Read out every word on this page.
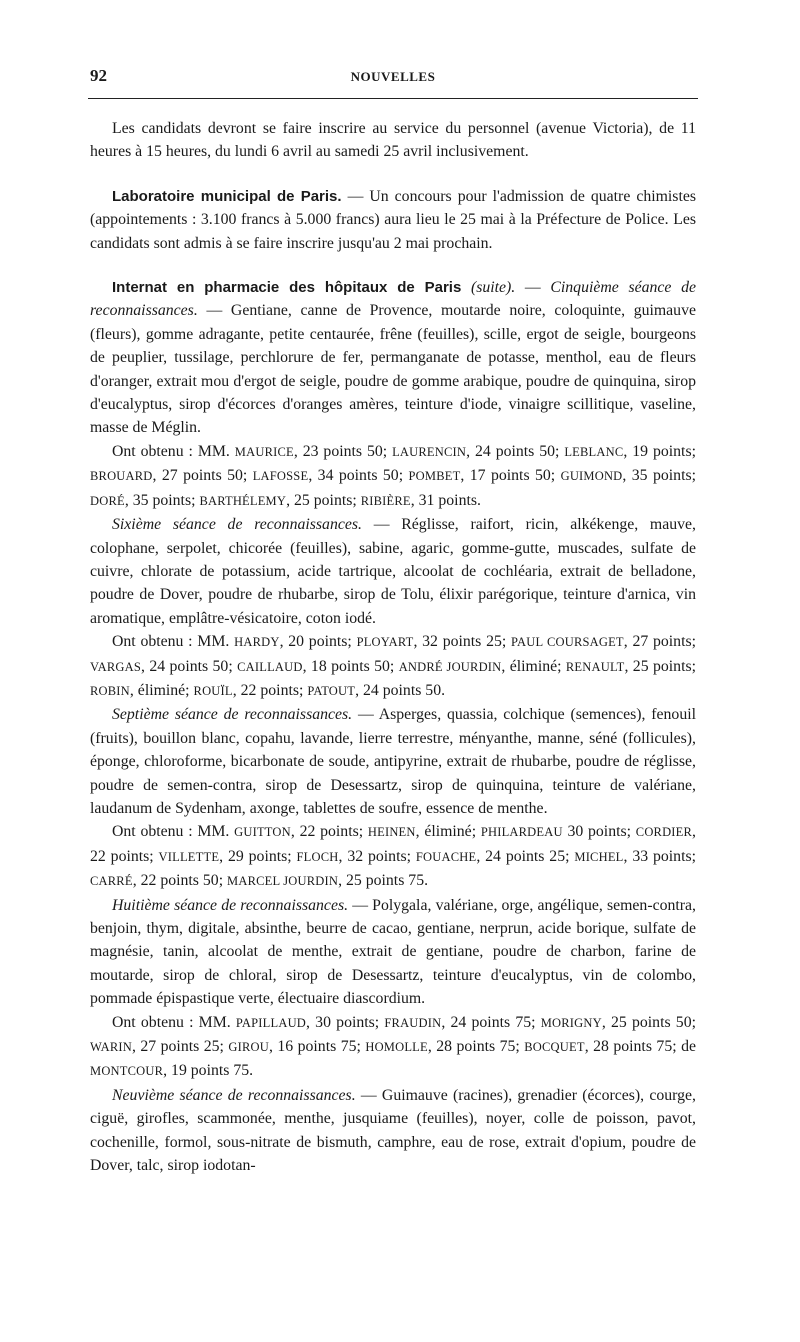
92	NOUVELLES

Les candidats devront se faire inscrire au service du personnel (avenue Victoria), de 11 heures à 15 heures, du lundi 6 avril au samedi 25 avril inclusivement.

Laboratoire municipal de Paris. — Un concours pour l'admission de quatre chimistes (appointements : 3.100 francs à 5.000 francs) aura lieu le 25 mai à la Préfecture de Police. Les candidats sont admis à se faire inscrire jusqu'au 2 mai prochain.

Internat en pharmacie des hôpitaux de Paris (suite). — Cinquième séance de reconnaissances. — Gentiane, canne de Provence, moutarde noire, coloquinte, guimauve (fleurs), gomme adragante, petite centaurée, frêne (feuilles), scille, ergot de seigle, bourgeons de peuplier, tussilage, perchlorure de fer, permanganate de potasse, menthol, eau de fleurs d'oranger, extrait mou d'ergot de seigle, poudre de gomme arabique, poudre de quinquina, sirop d'eucalyptus, sirop d'écorces d'oranges amères, teinture d'iode, vinaigre scillitique, vaseline, masse de Méglin.

Ont obtenu : MM. MAURICE, 23 points 50; LAURENCIN, 24 points 50; LEBLANC, 19 points; BROUARD, 27 points 50; LAFOSSE, 34 points 50; POMBET, 17 points 50; GUIMOND, 35 points; DORÉ, 35 points; BARTHÉLEMY, 25 points; RIBIÈRE, 31 points.

Sixième séance de reconnaissances. — Réglisse, raifort, ricin, alkékenge, mauve, colophane, serpolet, chicorée (feuilles), sabine, agaric, gomme-gutte, muscades, sulfate de cuivre, chlorate de potassium, acide tartrique, alcoolat de cochléaria, extrait de belladone, poudre de Dover, poudre de rhubarbe, sirop de Tolu, élixir parégorique, teinture d'arnica, vin aromatique, emplâtre-vésicatoire, coton iodé.

Ont obtenu : MM. HARDY, 20 points; PLOYART, 32 points 25; PAUL COURSAGET, 27 points; VARGAS, 24 points 50; CAILLAUD, 18 points 50; ANDRÉ JOURDIN, éliminé; RENAULT, 25 points; ROBIN, éliminé; ROUÏL, 22 points; PATOUT, 24 points 50.

Septième séance de reconnaissances. — Asperges, quassia, colchique (semences), fenouil (fruits), bouillon blanc, copahu, lavande, lierre terrestre, ményanthe, manne, séné (follicules), éponge, chloroforme, bicarbonate de soude, antipyrine, extrait de rhubarbe, poudre de réglisse, poudre de semen-contra, sirop de Desessartz, sirop de quinquina, teinture de valériane, laudanum de Sydenham, axonge, tablettes de soufre, essence de menthe.

Ont obtenu : MM. GUITTON, 22 points; HEINEN, éliminé; PHILARDEAU 30 points; CORDIER, 22 points; VILLETTE, 29 points; FLOCH, 32 points; FOUACHE, 24 points 25; MICHEL, 33 points; CARRÉ, 22 points 50; MARCEL JOURDIN, 25 points 75.

Huitième séance de reconnaissances. — Polygala, valériane, orge, angélique, semen-contra, benjoin, thym, digitale, absinthe, beurre de cacao, gentiane, nerprun, acide borique, sulfate de magnésie, tanin, alcoolat de menthe, extrait de gentiane, poudre de charbon, farine de moutarde, sirop de chloral, sirop de Desessartz, teinture d'eucalyptus, vin de colombo, pommade épispastique verte, électuaire diascordium.

Ont obtenu : MM. PAPILLAUD, 30 points; FRAUDIN, 24 points 75; MORIGNY, 25 points 50; WARIN, 27 points 25; GIROU, 16 points 75; HOMOLLE, 28 points 75; BOCQUET, 28 points 75; de MONTCOUR, 19 points 75.

Neuvième séance de reconnaissances. — Guimauve (racines), grenadier (écorces), courge, ciguë, girofles, scammonée, menthe, jusquiame (feuilles), noyer, colle de poisson, pavot, cochenille, formol, sous-nitrate de bismuth, camphre, eau de rose, extrait d'opium, poudre de Dover, talc, sirop iodotan-
